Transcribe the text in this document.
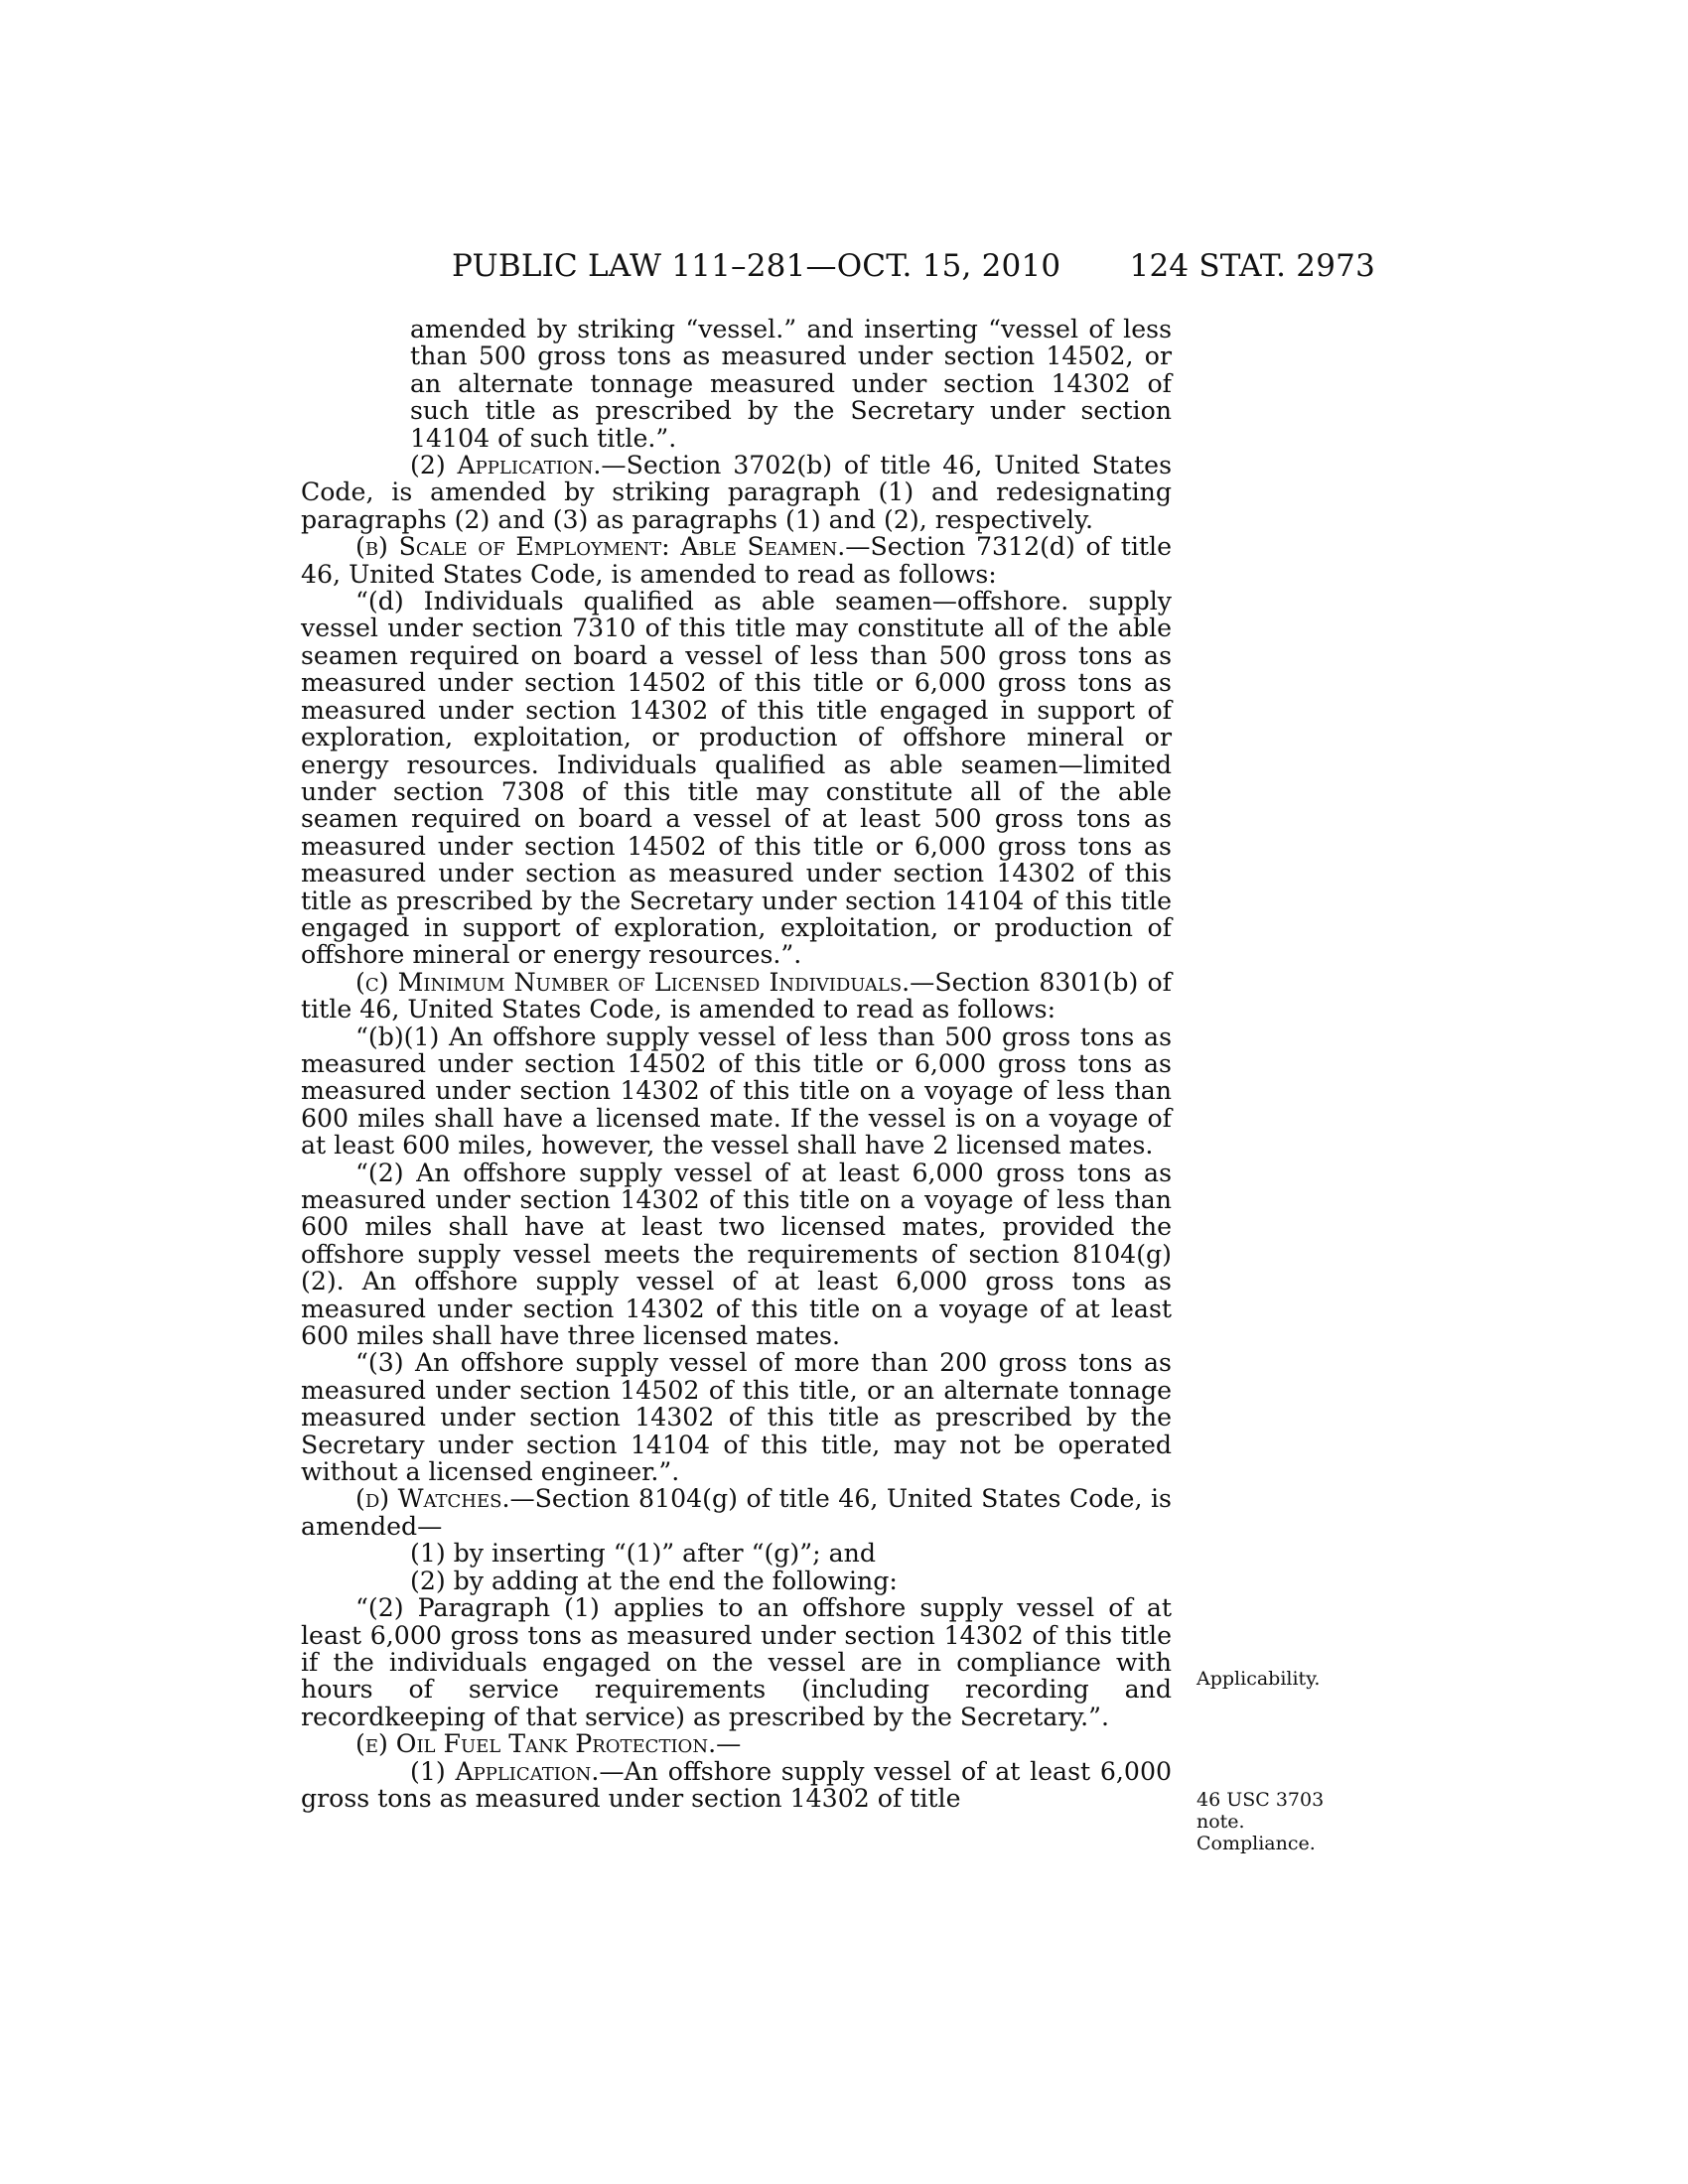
PUBLIC LAW 111–281—OCT. 15, 2010 124 STAT. 2973

amended by striking “vessel.” and inserting “vessel of less than 500 gross tons as measured under section 14502, or an alternate tonnage measured under section 14302 of such title as prescribed by the Secretary under section 14104 of such title.”.

(2) Application.—Section 3702(b) of title 46, United States Code, is amended by striking paragraph (1) and redesignating paragraphs (2) and (3) as paragraphs (1) and (2), respectively.

(b) Scale of Employment: Able Seamen.—Section 7312(d) of title 46, United States Code, is amended to read as follows:

“(d) Individuals qualified as able seamen—offshore. supply vessel under section 7310 of this title may constitute all of the able seamen required on board a vessel of less than 500 gross tons as measured under section 14502 of this title or 6,000 gross tons as measured under section 14302 of this title engaged in support of exploration, exploitation, or production of offshore mineral or energy resources. Individuals qualified as able seamen—limited under section 7308 of this title may constitute all of the able seamen required on board a vessel of at least 500 gross tons as measured under section 14502 of this title or 6,000 gross tons as measured under section as measured under section 14302 of this title as prescribed by the Secretary under section 14104 of this title engaged in support of exploration, exploitation, or production of offshore mineral or energy resources.”.

(c) Minimum Number of Licensed Individuals.—Section 8301(b) of title 46, United States Code, is amended to read as follows:

“(b)(1) An offshore supply vessel of less than 500 gross tons as measured under section 14502 of this title or 6,000 gross tons as measured under section 14302 of this title on a voyage of less than 600 miles shall have a licensed mate. If the vessel is on a voyage of at least 600 miles, however, the vessel shall have 2 licensed mates.

“(2) An offshore supply vessel of at least 6,000 gross tons as measured under section 14302 of this title on a voyage of less than 600 miles shall have at least two licensed mates, provided the offshore supply vessel meets the requirements of section 8104(g)(2). An offshore supply vessel of at least 6,000 gross tons as measured under section 14302 of this title on a voyage of at least 600 miles shall have three licensed mates.

“(3) An offshore supply vessel of more than 200 gross tons as measured under section 14502 of this title, or an alternate tonnage measured under section 14302 of this title as prescribed by the Secretary under section 14104 of this title, may not be operated without a licensed engineer.”.

(d) Watches.—Section 8104(g) of title 46, United States Code, is amended—

(1) by inserting “(1)” after “(g)”; and

(2) by adding at the end the following:

“(2) Paragraph (1) applies to an offshore supply vessel of at least 6,000 gross tons as measured under section 14302 of this title if the individuals engaged on the vessel are in compliance with hours of service requirements (including recording and recordkeeping of that service) as prescribed by the Secretary.”.

(e) Oil Fuel Tank Protection.—

(1) Application.—An offshore supply vessel of at least 6,000 gross tons as measured under section 14302 of title

Applicability.
46 USC 3703
note.
Compliance.
